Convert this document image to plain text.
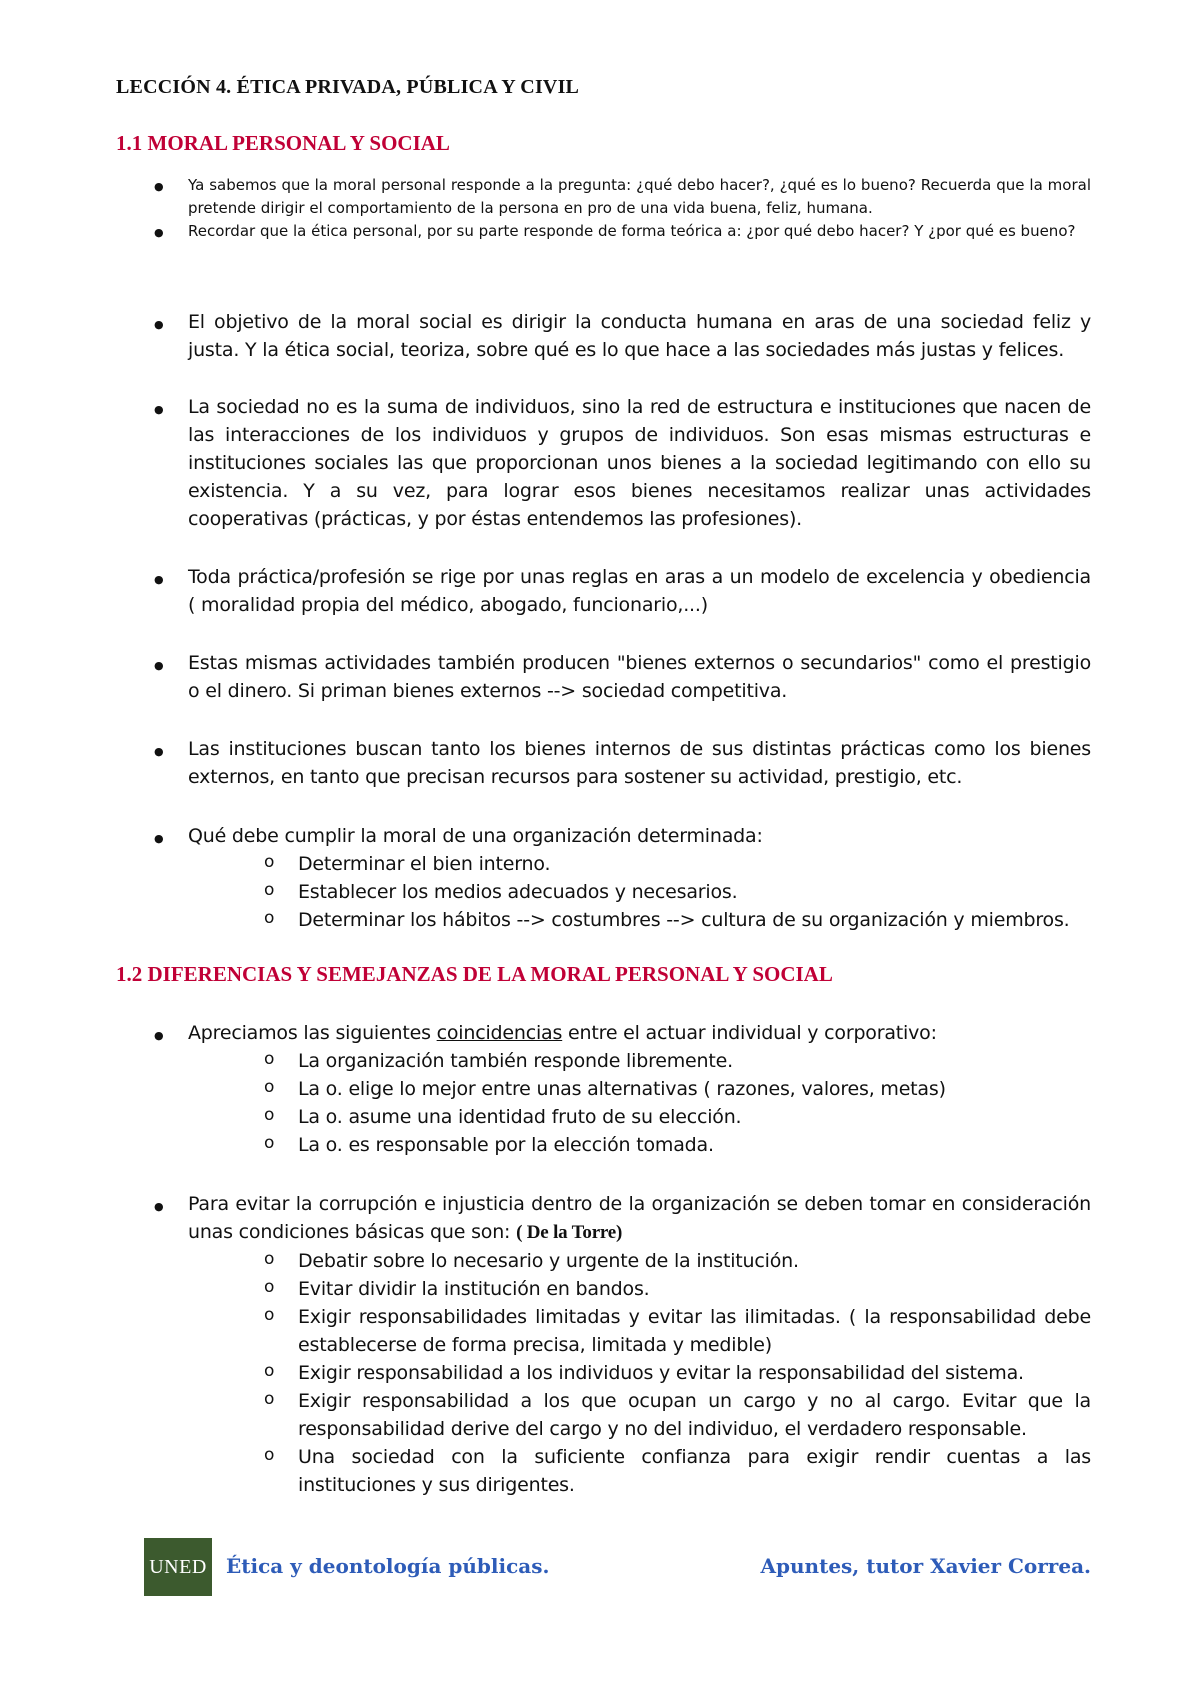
LECCIÓN 4. ÉTICA PRIVADA, PÚBLICA Y CIVIL
1.1 MORAL PERSONAL Y SOCIAL
● Ya sabemos que la moral personal responde a la pregunta: ¿qué debo hacer?, ¿qué es lo bueno? Recuerda que la moral pretende dirigir el comportamiento de la persona en pro de una vida buena, feliz, humana.
● Recordar que la ética personal, por su parte responde de forma teórica a: ¿por qué debo hacer? Y ¿por qué es bueno?
● El objetivo de la moral social es dirigir la conducta humana en aras de una sociedad feliz y justa. Y la ética social, teoriza, sobre qué es lo que hace a las sociedades más justas y felices.
● La sociedad no es la suma de individuos, sino la red de estructura e instituciones que nacen de las interacciones de los individuos y grupos de individuos. Son esas mismas estructuras e instituciones sociales las que proporcionan unos bienes a la sociedad legitimando con ello su existencia. Y a su vez, para lograr esos bienes necesitamos realizar unas actividades cooperativas (prácticas, y por éstas entendemos las profesiones).
● Toda práctica/profesión se rige por unas reglas en aras a un modelo de excelencia y obediencia ( moralidad propia del médico, abogado, funcionario,...)
● Estas mismas actividades también producen "bienes externos o secundarios" como el prestigio o el dinero. Si priman bienes externos --> sociedad competitiva.
● Las instituciones buscan tanto los bienes internos de sus distintas prácticas como los bienes externos, en tanto que precisan recursos para sostener su actividad, prestigio, etc.
● Qué debe cumplir la moral de una organización determinada:
o Determinar el bien interno.
o Establecer los medios adecuados y necesarios.
o Determinar los hábitos --> costumbres --> cultura de su organización y miembros.
1.2 DIFERENCIAS Y SEMEJANZAS DE LA MORAL PERSONAL Y SOCIAL
● Apreciamos las siguientes coincidencias entre el actuar individual y corporativo:
o La organización también responde libremente.
o La o. elige lo mejor entre unas alternativas ( razones, valores, metas)
o La o. asume una identidad fruto de su elección.
o La o. es responsable por la elección tomada.
● Para evitar la corrupción e injusticia dentro de la organización se deben tomar en consideración unas condiciones básicas que son: ( De la Torre)
o Debatir sobre lo necesario y urgente de la institución.
o Evitar dividir la institución en bandos.
o Exigir responsabilidades limitadas y evitar las ilimitadas. ( la responsabilidad debe establecerse de forma precisa, limitada y medible)
o Exigir responsabilidad a los individuos y evitar la responsabilidad del sistema.
o Exigir responsabilidad a los que ocupan un cargo y no al cargo. Evitar que la responsabilidad derive del cargo y no del individuo, el verdadero responsable.
o Una sociedad con la suficiente confianza para exigir rendir cuentas a las instituciones y sus dirigentes.
UNED Ética y deontología públicas.	Apuntes, tutor Xavier Correa.
